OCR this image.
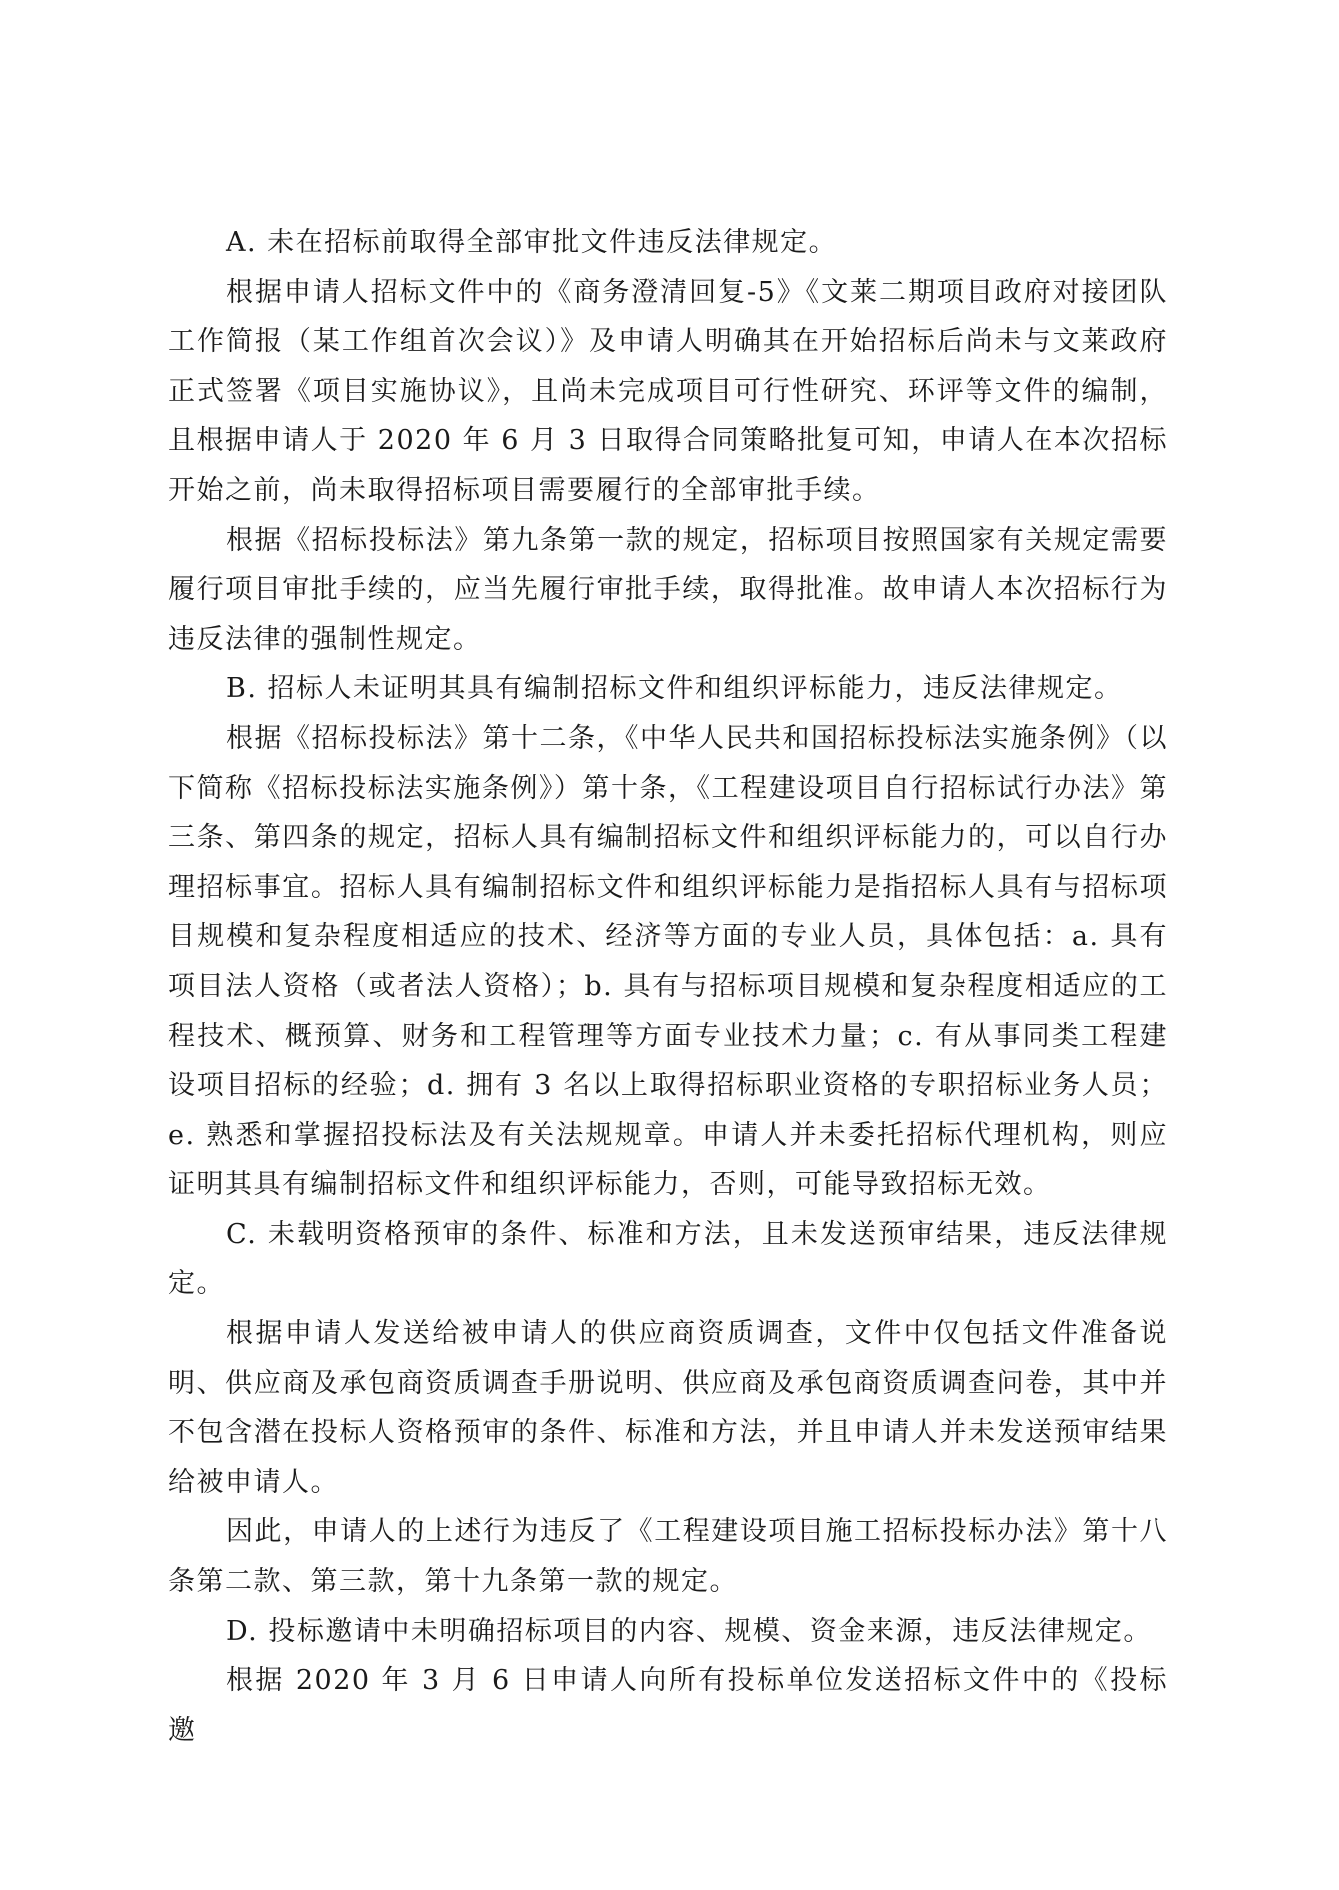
A. 未在招标前取得全部审批文件违反法律规定。

根据申请人招标文件中的《商务澄清回复-5》《文莱二期项目政府对接团队工作简报（某工作组首次会议）》及申请人明确其在开始招标后尚未与文莱政府正式签署《项目实施协议》，且尚未完成项目可行性研究、环评等文件的编制，且根据申请人于 2020 年 6 月 3 日取得合同策略批复可知，申请人在本次招标开始之前，尚未取得招标项目需要履行的全部审批手续。

根据《招标投标法》第九条第一款的规定，招标项目按照国家有关规定需要履行项目审批手续的，应当先履行审批手续，取得批准。故申请人本次招标行为违反法律的强制性规定。

B. 招标人未证明其具有编制招标文件和组织评标能力，违反法律规定。

根据《招标投标法》第十二条，《中华人民共和国招标投标法实施条例》（以下简称《招标投标法实施条例》）第十条，《工程建设项目自行招标试行办法》第三条、第四条的规定，招标人具有编制招标文件和组织评标能力的，可以自行办理招标事宜。招标人具有编制招标文件和组织评标能力是指招标人具有与招标项目规模和复杂程度相适应的技术、经济等方面的专业人员，具体包括：a. 具有项目法人资格（或者法人资格）；b. 具有与招标项目规模和复杂程度相适应的工程技术、概预算、财务和工程管理等方面专业技术力量；c. 有从事同类工程建设项目招标的经验；d. 拥有 3 名以上取得招标职业资格的专职招标业务人员；e. 熟悉和掌握招投标法及有关法规规章。申请人并未委托招标代理机构，则应证明其具有编制招标文件和组织评标能力，否则，可能导致招标无效。

C. 未载明资格预审的条件、标准和方法，且未发送预审结果，违反法律规定。

根据申请人发送给被申请人的供应商资质调查，文件中仅包括文件准备说明、供应商及承包商资质调查手册说明、供应商及承包商资质调查问卷，其中并不包含潜在投标人资格预审的条件、标准和方法，并且申请人并未发送预审结果给被申请人。

因此，申请人的上述行为违反了《工程建设项目施工招标投标办法》第十八条第二款、第三款，第十九条第一款的规定。

D. 投标邀请中未明确招标项目的内容、规模、资金来源，违反法律规定。

根据 2020 年 3 月 6 日申请人向所有投标单位发送招标文件中的《投标邀
